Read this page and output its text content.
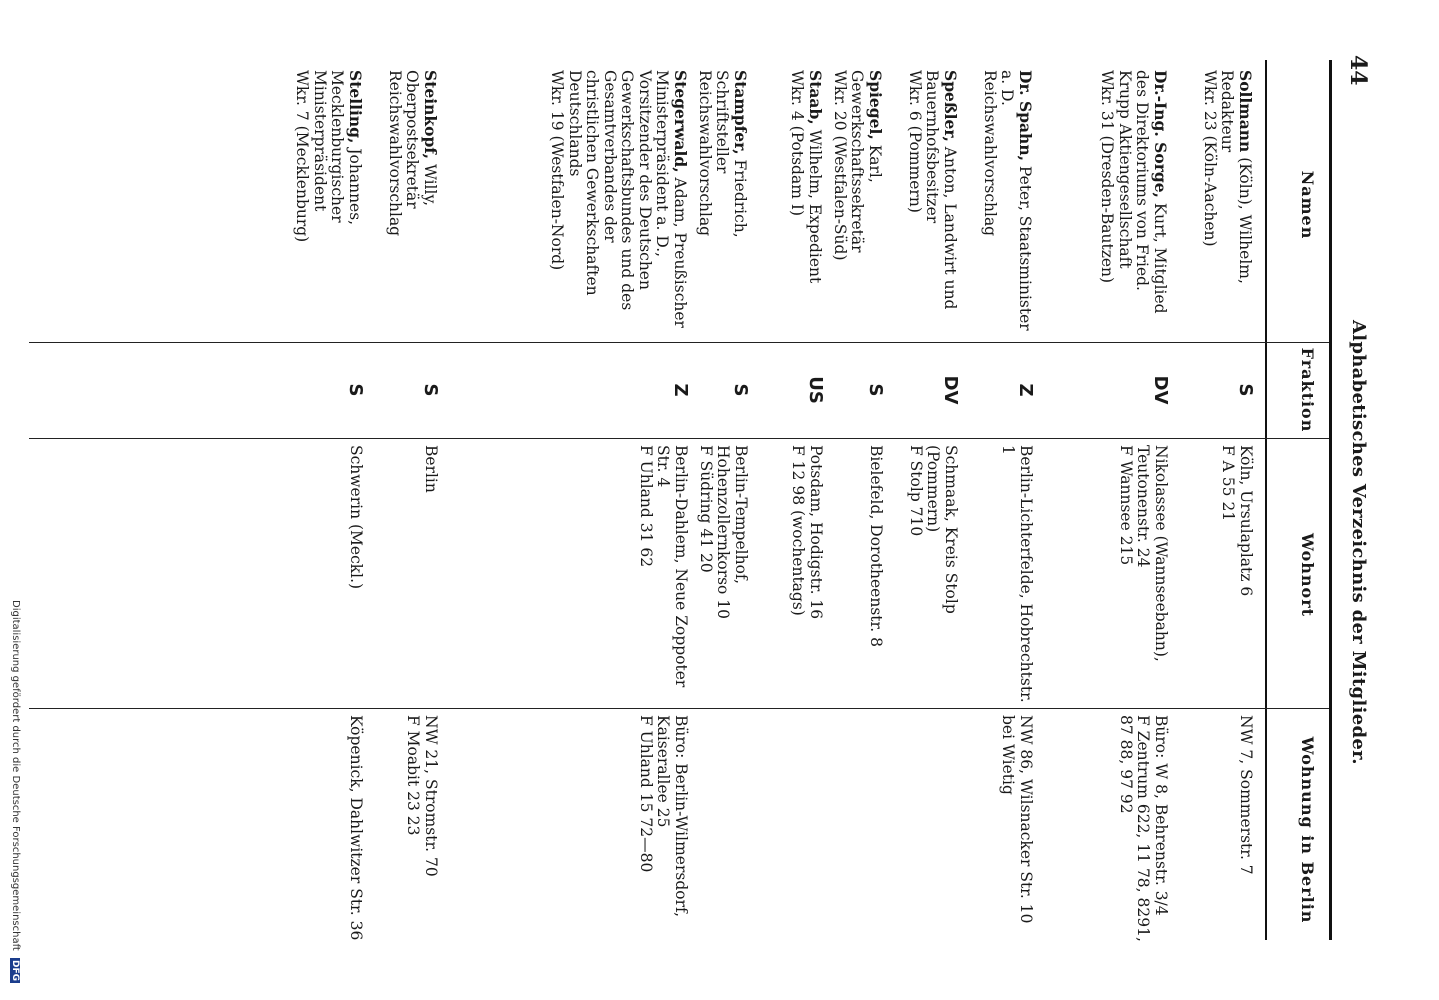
44
Alphabetisches Verzeichnis der Mitglieder.
Namen
Fraktion
Wohnort
Wohnung in Berlin
Sollmann (Köln), Wilhelm, Redakteur
Wkr. 23 (Köln-Aachen)
S
Köln, Ursulaplatz 6
F A 55 21
NW 7, Sommerstr. 7
Dr.-Ing. Sorge, Kurt, Mitglied des Direktoriums von Fried. Krupp Aktiengesellschaft
Wkr. 31 (Dresden-Bautzen)
DV
Nikolassee (Wannseebahn), Teutonenstr. 24
F Wannsee 215
Büro: W 8, Behrenstr. 3/4
F Zentrum 622, 11 78, 8291, 87 88, 97 92
Dr. Spahn, Peter, Staatsminister a. D.
Reichswahlvorschlag
Z
Berlin-Lichterfelde, Hobrechtstr. 1
NW 86, Wilsnacker Str. 10 bei Wietig
Speßler, Anton, Landwirt und Bauernhofsbesitzer
Wkr. 6 (Pommern)
DV
Schmaak, Kreis Stolp (Pommern)
F Stolp 710
Spiegel, Karl, Gewerkschaftssekretär
Wkr. 20 (Westfalen-Süd)
S
Bielefeld, Dorotheenstr. 8
Staab, Wilhelm, Expedient
Wkr. 4 (Potsdam I)
US
Potsdam, Hodigstr. 16
F 12 98 (wochentags)
Stampfer, Friedrich, Schriftsteller
Reichswahlvorschlag
S
Berlin-Tempelhof, Hohenzollernkorso 10
F Südring 41 20
Stegerwald, Adam, Preußischer Ministerpräsident a. D., Vorsitzender des Deutschen Gewerkschaftsbundes und des Gesamtverbandes der christlichen Gewerkschaften Deutschlands
Wkr. 19 (Westfalen-Nord)
Z
Berlin-Dahlem, Neue Zoppoter Str. 4
F Uhland 31 62
Büro: Berlin-Wilmersdorf, Kaiserallee 25
F Uhland 15 72—80
Steinkopf, Willy, Oberpostsekretär
Reichswahlvorschlag
S
Berlin
NW 21, Stromstr. 70
F Moabit 23 23
Stelling, Johannes, Mecklenburgischer Ministerpräsident
Wkr. 7 (Mecklenburg)
S
Schwerin (Meckl.)
Köpenick, Dahlwitzer Str. 36
Digitalisierung gefördert durch die Deutsche Forschungsgemeinschaft DFG
